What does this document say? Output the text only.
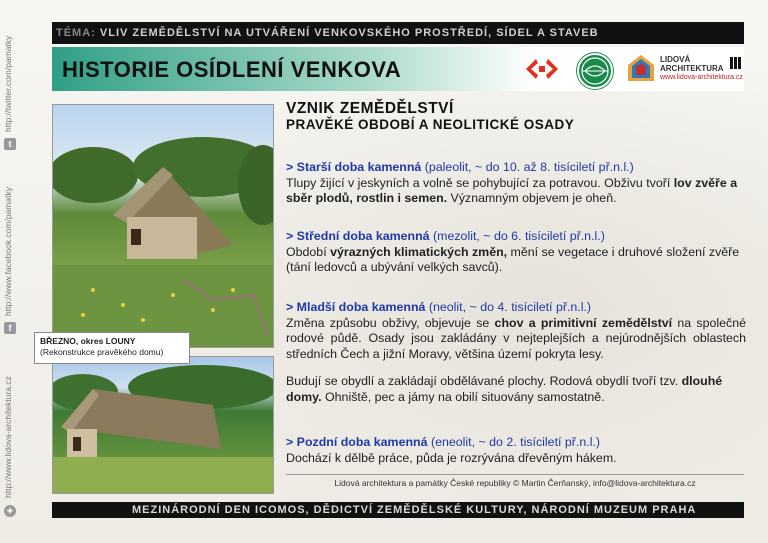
t
http://twitter.com/pamatky
f
http://www.facebook.com/pamatky
✦
http://www.lidova-architektura.cz
TÉMA: VLIV ZEMĚDĚLSTVÍ NA UTVÁŘENÍ VENKOVSKÉHO PROSTŘEDÍ, SÍDEL A STAVEB
HISTORIE OSÍDLENÍ VENKOVA	LIDOVÁ
ARCHITEKTURA
www.lidova-architektura.cz
BŘEZNO, okres LOUNY
(Rekonstrukce pravěkého domu)
VZNIK ZEMĚDĚLSTVÍ
PRAVĚKÉ OBDOBÍ A NEOLITICKÉ OSADY

> Starší doba kamenná (paleolit, ~ do 10. až 8. tisíciletí př.n.l.)

Tlupy žijící v jeskyních a volně se pohybující za potravou. Obživu tvoří lov zvěře a sběr plodů, rostlin i semen. Významným objevem je oheň.

> Střední doba kamenná (mezolit, ~ do 6. tisíciletí př.n.l.)

Období výrazných klimatických změn, mění se vegetace i druhové složení zvěře (tání ledovců a ubývání velkých savců).

> Mladší doba kamenná (neolit, ~ do 4. tisíciletí př.n.l.)

Změna způsobu obživy, objevuje se chov a primitivní zemědělství na společné rodové půdě. Osady jsou zakládány v nejteplejších a nejúrodnějších oblastech středních Čech a jižní Moravy, většina území pokryta lesy.

Budují se obydlí a zakládají obdělávané plochy. Rodová obydlí tvoří tzv. dlouhé domy. Ohniště, pec a jámy na obilí situovány samostatně.

> Pozdní doba kamenná (eneolit, ~ do 2. tisíciletí př.n.l.)

Dochází k dělbě práce, půda je rozrývána dřevěným hákem.

Lidová architektura a památky České republiky © Martin Čerňanský, info@lidova-architektura.cz
MEZINÁRODNÍ DEN ICOMOS, DĚDICTVÍ ZEMĚDĚLSKÉ KULTURY, NÁRODNÍ MUZEUM PRAHA
